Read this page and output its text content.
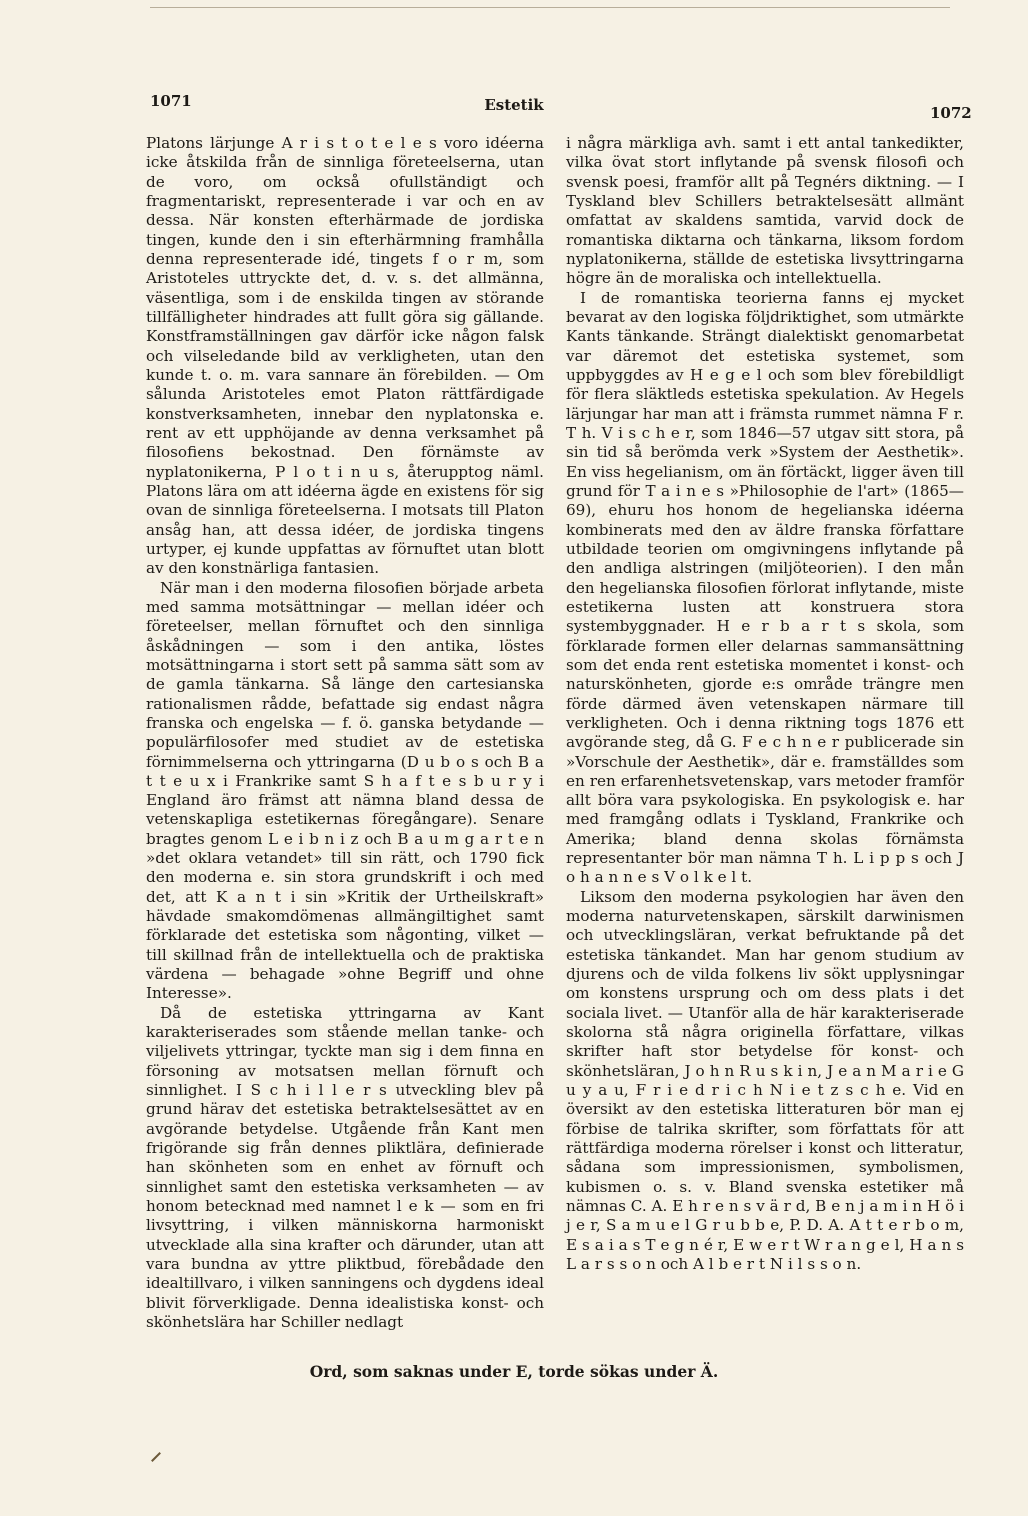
1071	Estetik	1072

Platons lärjunge A r i s t o t e l e s voro idéerna icke åtskilda från de sinnliga företeelserna, utan de voro, om också ofullständigt och fragmentariskt, representerade i var och en av dessa. När konsten efterhärmade de jordiska tingen, kunde den i sin efterhärmning framhålla denna representerade idé, tingets f o r m, som Aristoteles uttryckte det, d. v. s. det allmänna, väsentliga, som i de enskilda tingen av störande tillfälligheter hindrades att fullt göra sig gällande. Konstframställningen gav därför icke någon falsk och vilseledande bild av verkligheten, utan den kunde t. o. m. vara sannare än förebilden. — Om sålunda Aristoteles emot Platon rättfärdigade konstverksamheten, innebar den nyplatonska e. rent av ett upphöjande av denna verksamhet på filosofiens bekostnad. Den förnämste av nyplatonikerna, P l o t i n u s, återupptog näml. Platons lära om att idéerna ägde en existens för sig ovan de sinnliga företeelserna. I motsats till Platon ansåg han, att dessa idéer, de jordiska tingens urtyper, ej kunde uppfattas av förnuftet utan blott av den konstnärliga fantasien.

När man i den moderna filosofien började arbeta med samma motsättningar — mellan idéer och företeelser, mellan förnuftet och den sinnliga åskådningen — som i den antika, löstes motsättningarna i stort sett på samma sätt som av de gamla tänkarna. Så länge den cartesianska rationalismen rådde, befattade sig endast några franska och engelska — f. ö. ganska betydande — populärfilosofer med studiet av de estetiska förnimmelserna och yttringarna (D u b o s och B a t t e u x i Frankrike samt S h a f t e s b u r y i England äro främst att nämna bland dessa de vetenskapliga estetikernas föregångare). Senare bragtes genom L e i b n i z och B a u m g a r t e n »det oklara vetandet» till sin rätt, och 1790 fick den moderna e. sin stora grundskrift i och med det, att K a n t i sin »Kritik der Urtheilskraft» hävdade smakomdömenas allmängiltighet samt förklarade det estetiska som någonting, vilket — till skillnad från de intellektuella och de praktiska värdena — behagade »ohne Begriff und ohne Interesse».

Då de estetiska yttringarna av Kant karakteriserades som stående mellan tanke- och viljelivets yttringar, tyckte man sig i dem finna en försoning av motsatsen mellan förnuft och sinnlighet. I S c h i l l e r s utveckling blev på grund härav det estetiska betraktelsesättet av en avgörande betydelse. Utgående från Kant men frigörande sig från dennes pliktlära, definierade han skönheten som en enhet av förnuft och sinnlighet samt den estetiska verksamheten — av honom betecknad med namnet l e k — som en fri livsyttring, i vilken människorna harmoniskt utvecklade alla sina krafter och därunder, utan att vara bundna av yttre pliktbud, förebådade den idealtillvaro, i vilken sanningens och dygdens ideal blivit förverkligade. Denna idealistiska konst- och skönhetslära har Schiller nedlagt

i några märkliga avh. samt i ett antal tankedikter, vilka övat stort inflytande på svensk filosofi och svensk poesi, framför allt på Tegnérs diktning. — I Tyskland blev Schillers betraktelsesätt allmänt omfattat av skaldens samtida, varvid dock de romantiska diktarna och tänkarna, liksom fordom nyplatonikerna, ställde de estetiska livsyttringarna högre än de moraliska och intellektuella.

I de romantiska teorierna fanns ej mycket bevarat av den logiska följdriktighet, som utmärkte Kants tänkande. Strängt dialektiskt genomarbetat var däremot det estetiska systemet, som uppbyggdes av H e g e l och som blev förebildligt för flera släktleds estetiska spekulation. Av Hegels lärjungar har man att i främsta rummet nämna F r. T h. V i s c h e r, som 1846—57 utgav sitt stora, på sin tid så berömda verk »System der Aesthetik». En viss hegelianism, om än förtäckt, ligger även till grund för T a i n e s »Philosophie de l'art» (1865—69), ehuru hos honom de hegelianska idéerna kombinerats med den av äldre franska författare utbildade teorien om omgivningens inflytande på den andliga alstringen (miljöteorien). I den mån den hegelianska filosofien förlorat inflytande, miste estetikerna lusten att konstruera stora systembyggnader. H e r b a r t s skola, som förklarade formen eller delarnas sammansättning som det enda rent estetiska momentet i konst- och naturskönheten, gjorde e:s område trängre men förde därmed även vetenskapen närmare till verkligheten. Och i denna riktning togs 1876 ett avgörande steg, då G. F e c h n e r publicerade sin »Vorschule der Aesthetik», där e. framställdes som en ren erfarenhetsvetenskap, vars metoder framför allt böra vara psykologiska. En psykologisk e. har med framgång odlats i Tyskland, Frankrike och Amerika; bland denna skolas förnämsta representanter bör man nämna T h. L i p p s och J o h a n n e s V o l k e l t.

Liksom den moderna psykologien har även den moderna naturvetenskapen, särskilt darwinismen och utvecklingsläran, verkat befruktande på det estetiska tänkandet. Man har genom studium av djurens och de vilda folkens liv sökt upplysningar om konstens ursprung och om dess plats i det sociala livet. — Utanför alla de här karakteriserade skolorna stå några originella författare, vilkas skrifter haft stor betydelse för konst- och skönhetsläran, J o h n R u s k i n, J e a n M a r i e G u y a u, F r i e d r i c h N i e t z s c h e. Vid en översikt av den estetiska litteraturen bör man ej förbise de talrika skrifter, som författats för att rättfärdiga moderna rörelser i konst och litteratur, sådana som impressionismen, symbolismen, kubismen o. s. v. Bland svenska estetiker må nämnas C. A. E h r e n s v ä r d, B e n j a m i n H ö i j e r, S a m u e l G r u b b e, P. D. A. A t t e r b o m, E s a i a s T e g n é r, E w e r t W r a n g e l, H a n s L a r s s o n och A l b e r t N i l s s o n.

Ord, som saknas under E, torde sökas under Ä.
